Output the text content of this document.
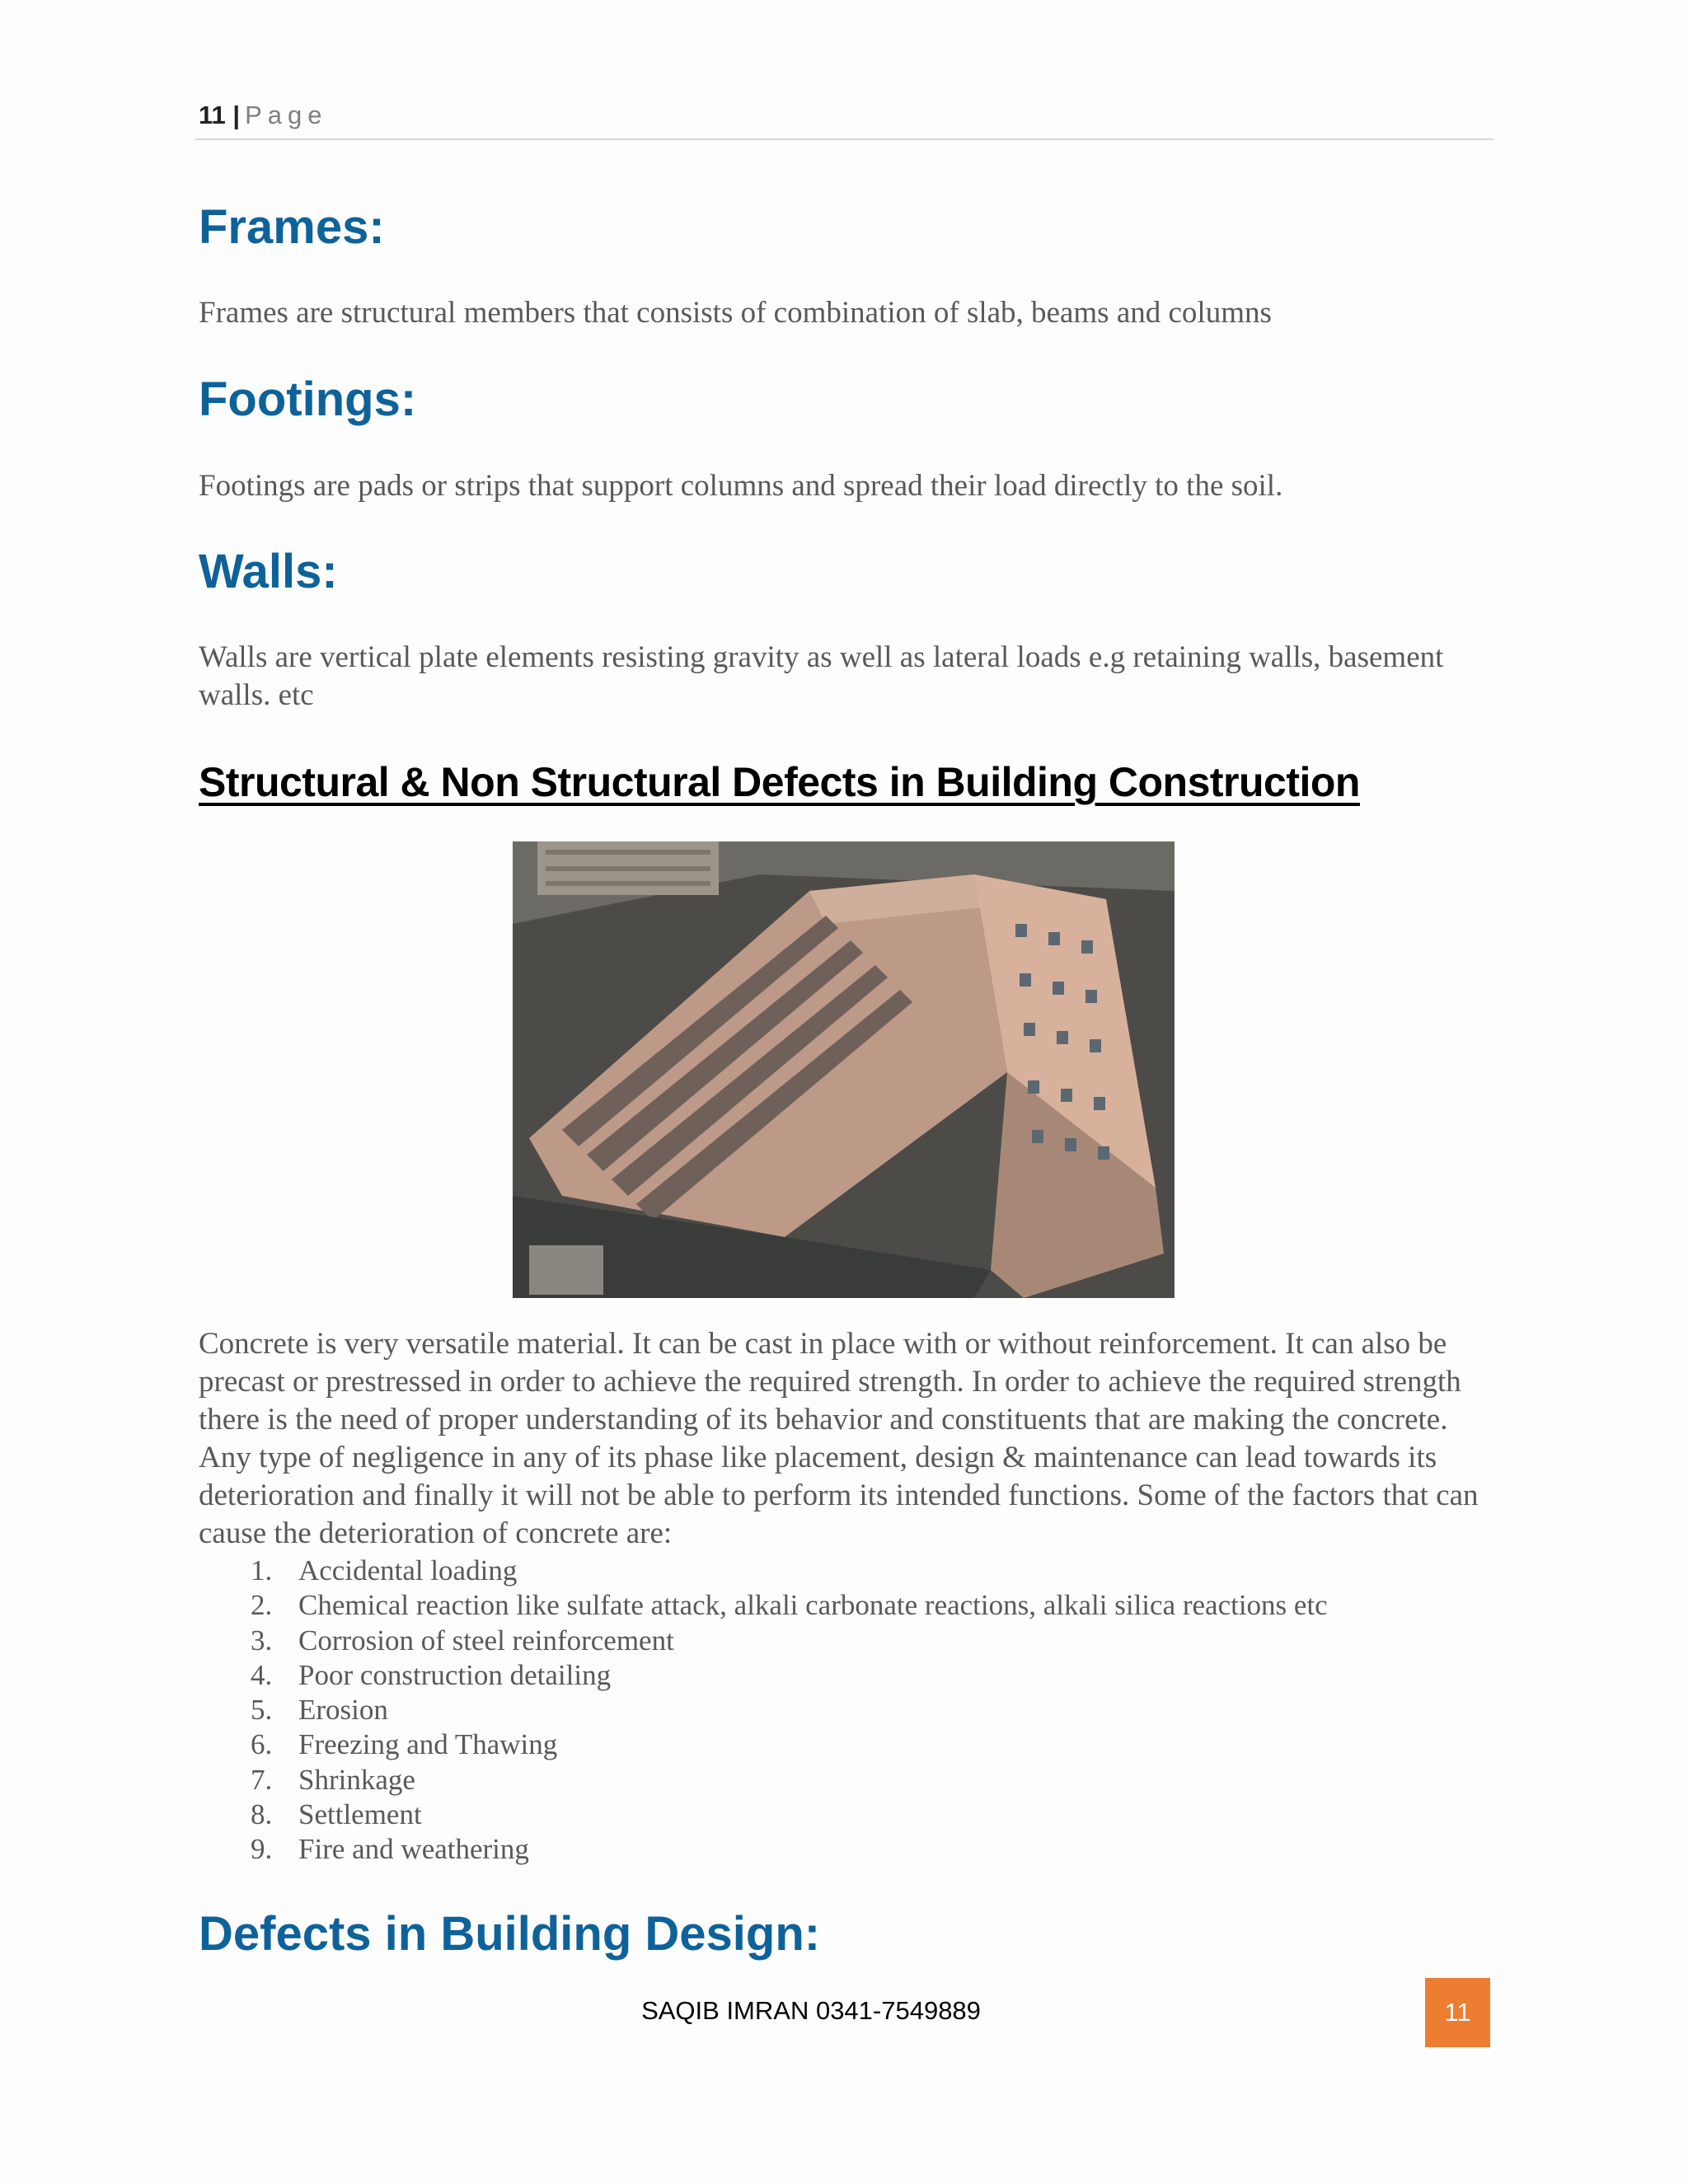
11 | Page
Frames:
Frames are structural members that consists of combination of slab, beams and columns
Footings:
Footings are pads or strips that support columns and spread their load directly to the soil.
Walls:
Walls are vertical plate elements resisting gravity as well as lateral loads e.g retaining walls, basement walls. etc
Structural & Non Structural Defects in Building Construction
Concrete is very versatile material. It can be cast in place with or without reinforcement. It can also be precast or prestressed in order to achieve the required strength. In order to achieve the required strength there is the need of proper understanding of its behavior and constituents that are making the concrete. Any type of negligence in any of its phase like placement, design & maintenance can lead towards its deterioration and finally it will not be able to perform its intended functions. Some of the factors that can cause the deterioration of concrete are:
1. Accidental loading
2. Chemical reaction like sulfate attack, alkali carbonate reactions, alkali silica reactions etc
3. Corrosion of steel reinforcement
4. Poor construction detailing
5. Erosion
6. Freezing and Thawing
7. Shrinkage
8. Settlement
9. Fire and weathering
Defects in Building Design:
SAQIB IMRAN 0341-7549889	11
